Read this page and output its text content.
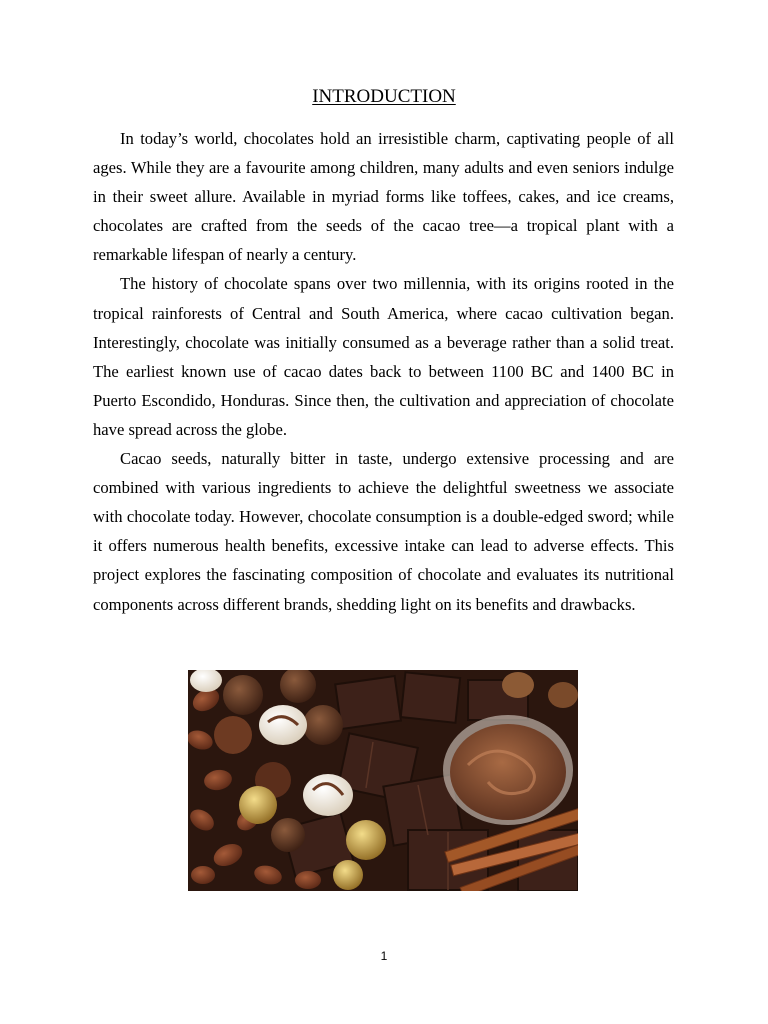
INTRODUCTION

In today’s world, chocolates hold an irresistible charm, captivating people of all ages. While they are a favourite among children, many adults and even seniors indulge in their sweet allure. Available in myriad forms like toffees, cakes, and ice creams, chocolates are crafted from the seeds of the cacao tree—a tropical plant with a remarkable lifespan of nearly a century.

The history of chocolate spans over two millennia, with its origins rooted in the tropical rainforests of Central and South America, where cacao cultivation began. Interestingly, chocolate was initially consumed as a beverage rather than a solid treat. The earliest known use of cacao dates back to between 1100 BC and 1400 BC in Puerto Escondido, Honduras. Since then, the cultivation and appreciation of chocolate have spread across the globe.

Cacao seeds, naturally bitter in taste, undergo extensive processing and are combined with various ingredients to achieve the delightful sweetness we associate with chocolate today. However, chocolate consumption is a double-edged sword; while it offers numerous health benefits, excessive intake can lead to adverse effects. This project explores the fascinating composition of chocolate and evaluates its nutritional components across different brands, shedding light on its benefits and drawbacks.

1
